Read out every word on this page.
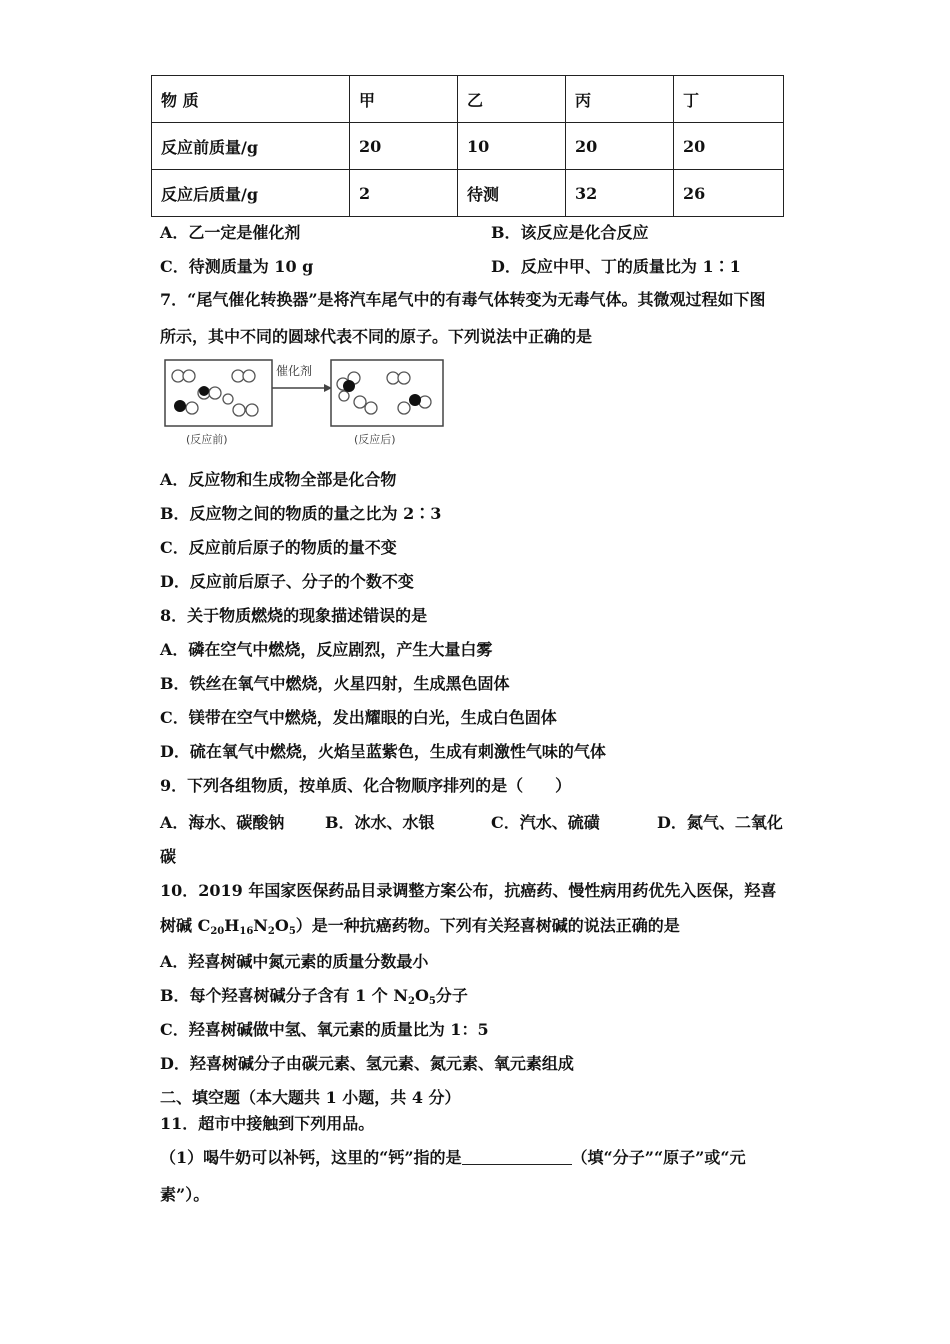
物 质	甲	乙	丙	丁
反应前质量/g	20	10	20	20
反应后质量/g	2	待测	32	26
A．乙一定是催化剂	B．该反应是化合反应
C．待测质量为 10 g	D．反应中甲、丁的质量比为 1∶1
7．“尾气催化转换器”是将汽车尾气中的有毒气体转变为无毒气体。其微观过程如下图
所示，其中不同的圆球代表不同的原子。下列说法中正确的是
催化剂
(反应前)	(反应后)
A．反应物和生成物全部是化合物
B．反应物之间的物质的量之比为 2∶3
C．反应前后原子的物质的量不变
D．反应前后原子、分子的个数不变
8．关于物质燃烧的现象描述错误的是
A．磷在空气中燃烧，反应剧烈，产生大量白雾
B．铁丝在氧气中燃烧，火星四射，生成黑色固体
C．镁带在空气中燃烧，发出耀眼的白光，生成白色固体
D．硫在氧气中燃烧，火焰呈蓝紫色，生成有刺激性气味的气体
9．下列各组物质，按单质、化合物顺序排列的是（　　）
A．海水、碳酸钠	B．冰水、水银	C．汽水、硫磺	D．氮气、二氧化
碳
10．2019 年国家医保药品目录调整方案公布，抗癌药、慢性病用药优先入医保，羟喜
树碱 $C_{20}H_{16}N_2O_5$）是一种抗癌药物。下列有关羟喜树碱的说法正确的是
A．羟喜树碱中氮元素的质量分数最小
B．每个羟喜树碱分子含有 1 个 $N_2O_5$分子
C．羟喜树碱做中氢、氧元素的质量比为 1：5
D．羟喜树碱分子由碳元素、氢元素、氮元素、氧元素组成
二、填空题（本大题共 1 小题，共 4 分）
11．超市中接触到下列用品。
（1）喝牛奶可以补钙，这里的“钙”指的是	（填“分子”“原子”或“元
素”）。
